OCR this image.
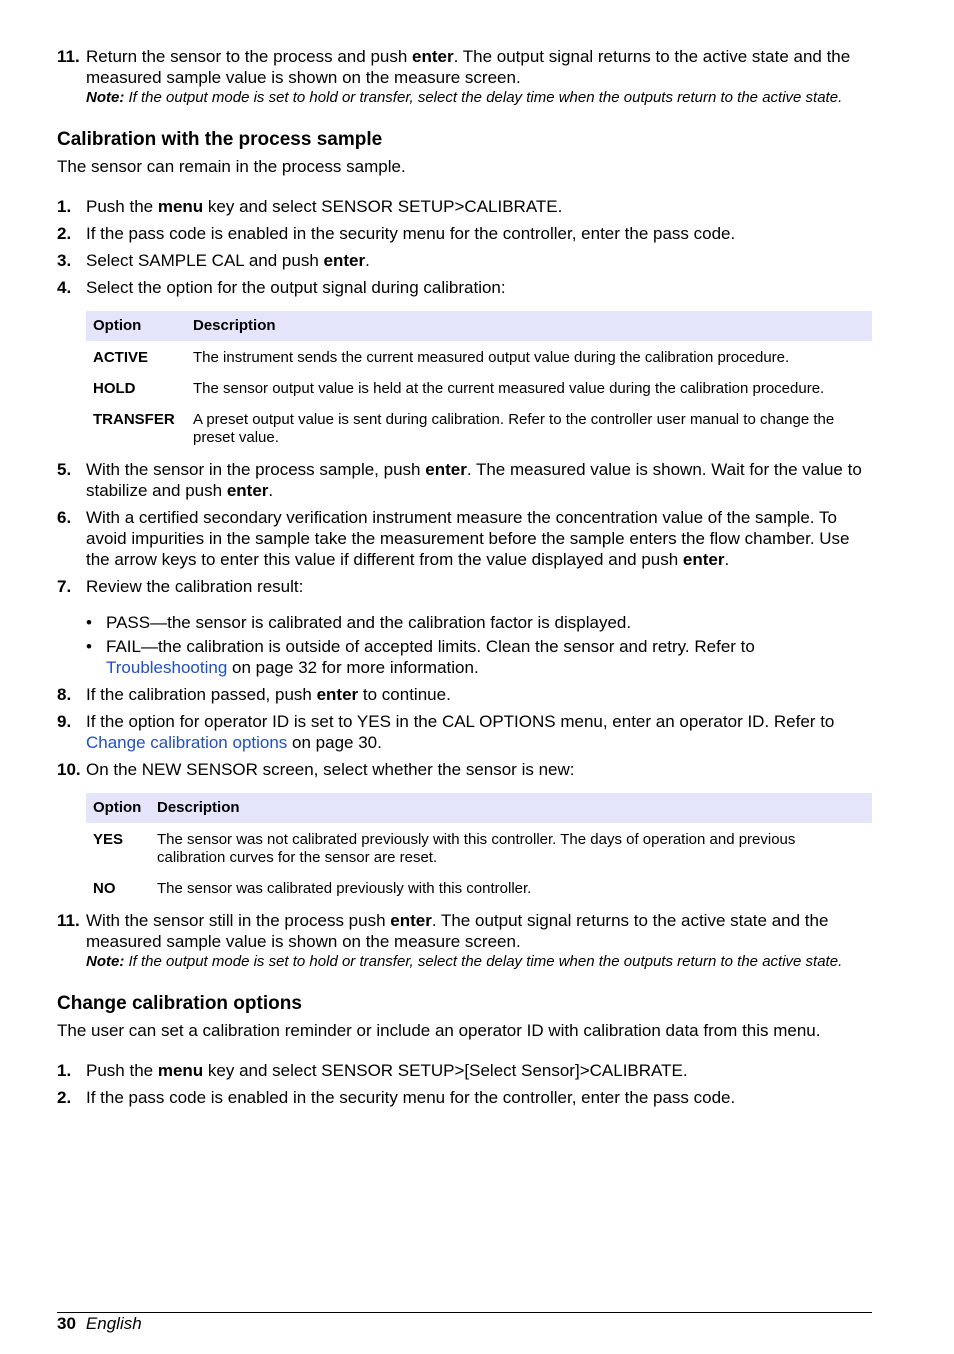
11. Return the sensor to the process and push enter. The output signal returns to the active state and the measured sample value is shown on the measure screen.
Note: If the output mode is set to hold or transfer, select the delay time when the outputs return to the active state.
Calibration with the process sample

The sensor can remain in the process sample.

1. Push the menu key and select SENSOR SETUP>CALIBRATE.
2. If the pass code is enabled in the security menu for the controller, enter the pass code.
3. Select SAMPLE CAL and push enter.
4. Select the option for the output signal during calibration:
Option	Description
ACTIVE	The instrument sends the current measured output value during the calibration procedure.
HOLD	The sensor output value is held at the current measured value during the calibration procedure.
TRANSFER	A preset output value is sent during calibration. Refer to the controller user manual to change the preset value.
5. With the sensor in the process sample, push enter. The measured value is shown. Wait for the value to stabilize and push enter.
6. With a certified secondary verification instrument measure the concentration value of the sample. To avoid impurities in the sample take the measurement before the sample enters the flow chamber. Use the arrow keys to enter this value if different from the value displayed and push enter.
7. Review the calibration result:
• PASS—the sensor is calibrated and the calibration factor is displayed.
• FAIL—the calibration is outside of accepted limits. Clean the sensor and retry. Refer to Troubleshooting on page 32 for more information.
8. If the calibration passed, push enter to continue.
9. If the option for operator ID is set to YES in the CAL OPTIONS menu, enter an operator ID. Refer to Change calibration options on page 30.
10. On the NEW SENSOR screen, select whether the sensor is new:
Option	Description
YES	The sensor was not calibrated previously with this controller. The days of operation and previous calibration curves for the sensor are reset.
NO	The sensor was calibrated previously with this controller.
11. With the sensor still in the process push enter. The output signal returns to the active state and the measured sample value is shown on the measure screen.
Note: If the output mode is set to hold or transfer, select the delay time when the outputs return to the active state.
Change calibration options

The user can set a calibration reminder or include an operator ID with calibration data from this menu.

1. Push the menu key and select SENSOR SETUP>[Select Sensor]>CALIBRATE.
2. If the pass code is enabled in the security menu for the controller, enter the pass code.
30 English
